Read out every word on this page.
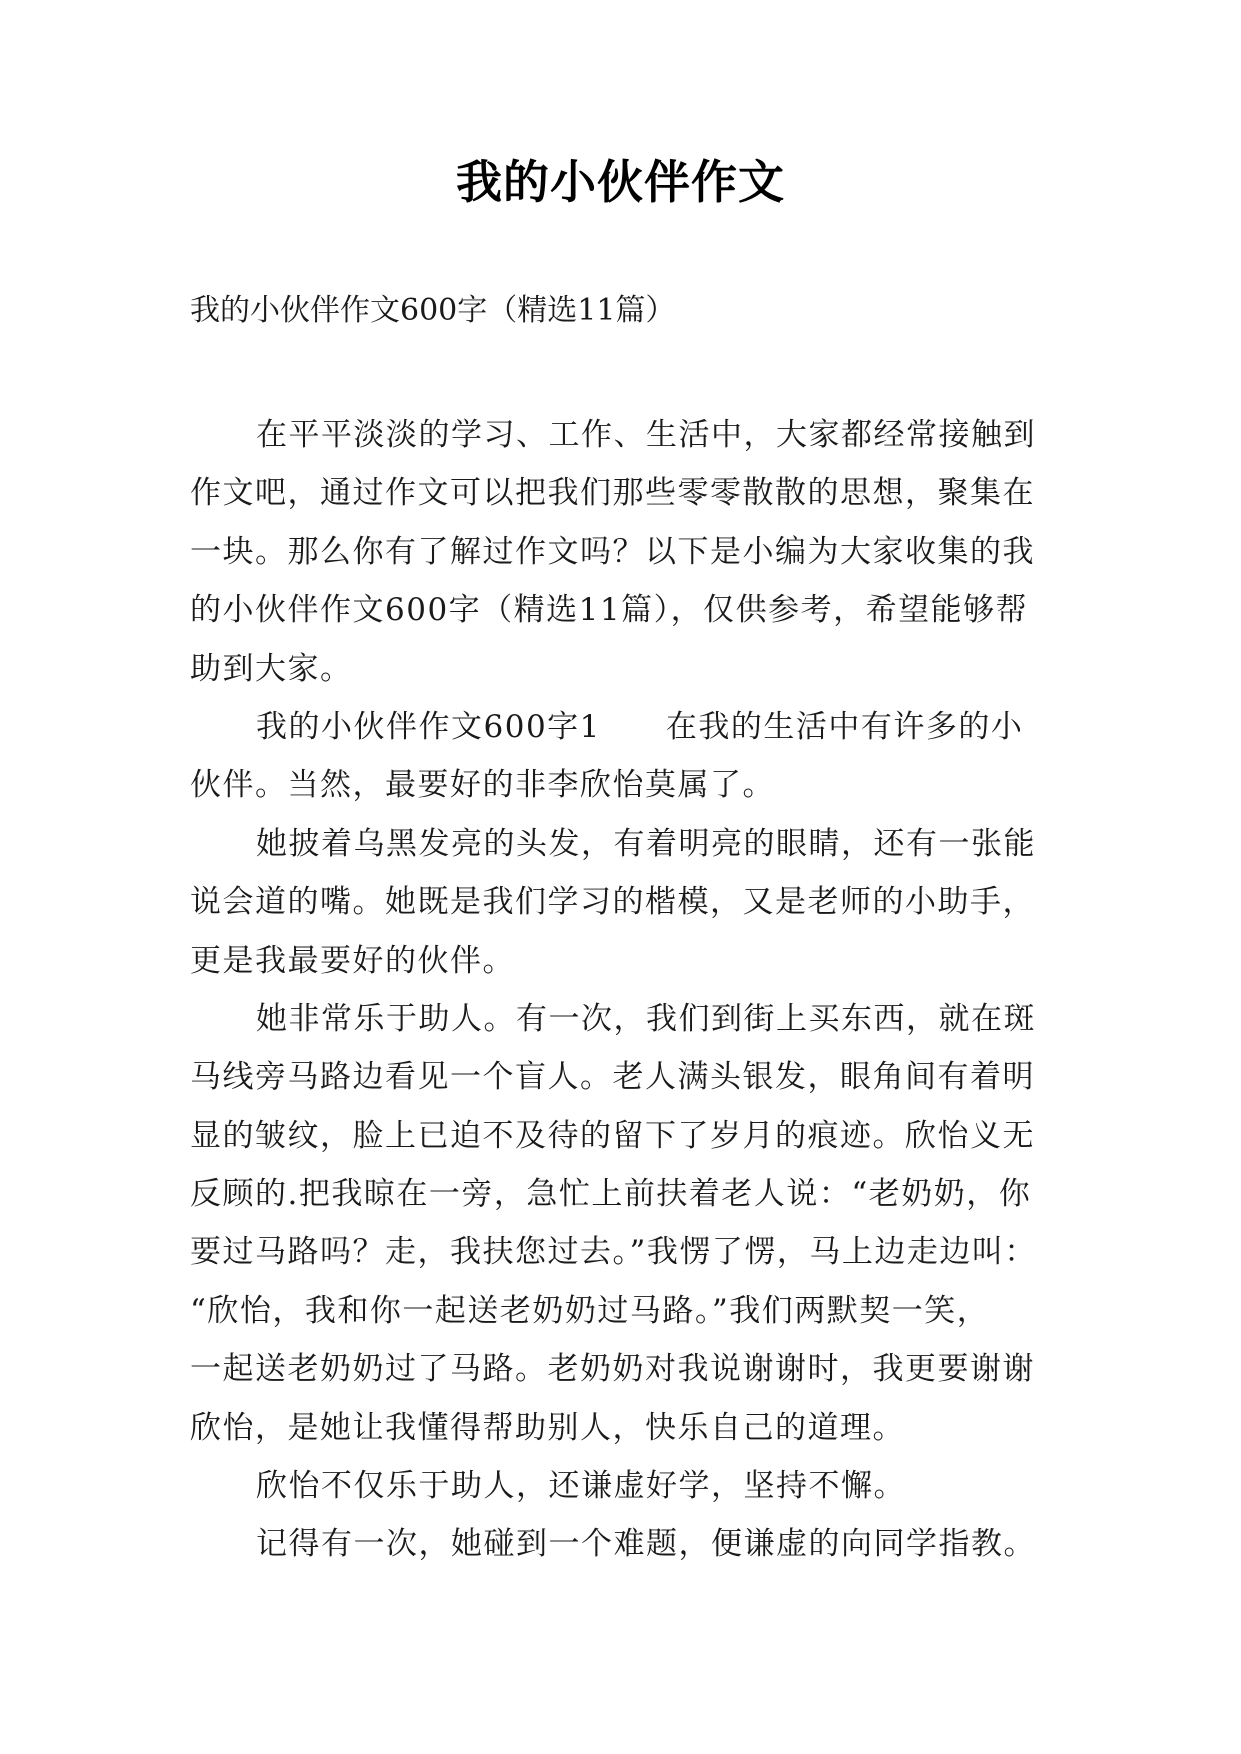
我的小伙伴作文
我的小伙伴作文600字（精选11篇）
在平平淡淡的学习、工作、生活中，大家都经常接触到
作文吧，通过作文可以把我们那些零零散散的思想，聚集在
一块。那么你有了解过作文吗？以下是小编为大家收集的我
的小伙伴作文600字（精选11篇），仅供参考，希望能够帮
助到大家。
我的小伙伴作文600字1　　在我的生活中有许多的小
伙伴。当然，最要好的非李欣怡莫属了。
她披着乌黑发亮的头发，有着明亮的眼睛，还有一张能
说会道的嘴。她既是我们学习的楷模，又是老师的小助手，
更是我最要好的伙伴。
她非常乐于助人。有一次，我们到街上买东西，就在斑
马线旁马路边看见一个盲人。老人满头银发，眼角间有着明
显的皱纹，脸上已迫不及待的留下了岁月的痕迹。欣怡义无
反顾的.把我晾在一旁，急忙上前扶着老人说：“老奶奶，你
要过马路吗？走，我扶您过去。”我愣了愣，马上边走边叫：
“欣怡，我和你一起送老奶奶过马路。”我们两默契一笑，
一起送老奶奶过了马路。老奶奶对我说谢谢时，我更要谢谢
欣怡，是她让我懂得帮助别人，快乐自己的道理。
欣怡不仅乐于助人，还谦虚好学，坚持不懈。
记得有一次，她碰到一个难题，便谦虚的向同学指教。
